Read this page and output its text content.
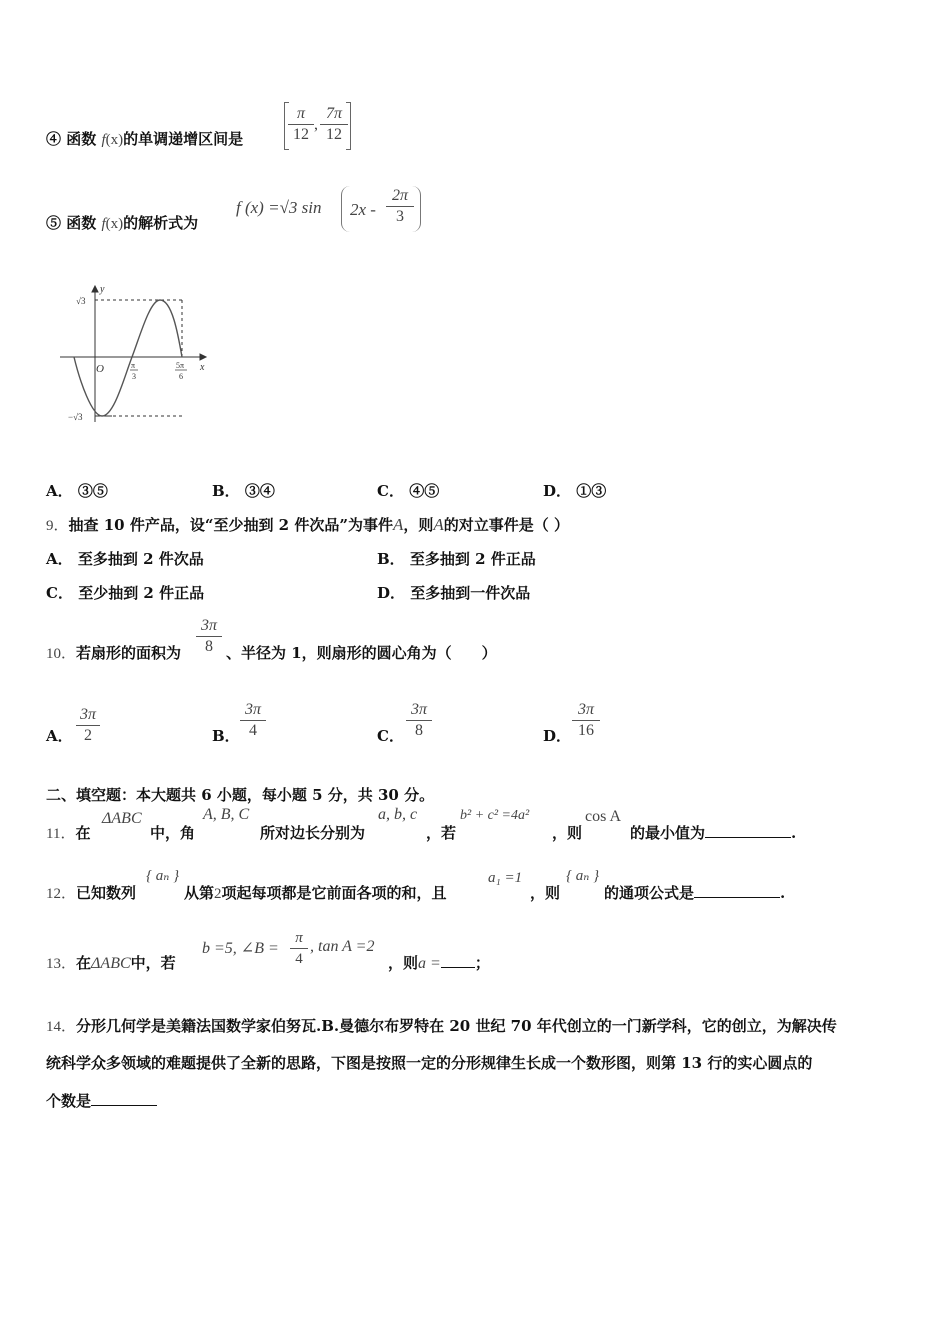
④ 函数 f(x)的单调递增区间是	$\frac{\pi}{12}$ , $\frac{7\pi}{12}$
⑤ 函数 f(x)的解析式为
f (x) =√3 $\sin 2x - \frac{2\pi}{3}$
y
x
O
√3
−√3
π
3
5π
6
A． ③⑤	B． ③④	C． ④⑤	D． ①③
9．抽查 10 件产品，设“至少抽到 2 件次品”为事件A，则A的对立事件是（ ）
A． 至多抽到 2 件次品	B． 至多抽到 2 件正品
C． 至少抽到 2 件正品	D． 至多抽到一件次品
10．若扇形的面积为 $\frac{3\pi}{8}$ 、半径为 1，则扇形的圆心角为（　　）
A． $\frac{3\pi}{2}$	B． $\frac{3\pi}{4}$	C． $\frac{3\pi}{8}$	D． $\frac{3\pi}{16}$
二、填空题：本大题共 6 小题，每小题 5 分，共 30 分。
11．在
ΔABC
中，角
A, B, C
所对边长分别为
a, b, c
，若
b² + c² =4a²
，则
cos A
的最小值为	.
12．已知数列
{ aₙ }
从第2项起每项都是它前面各项的和，且
a₁ =1
，则
{ aₙ }
的通项公式是	.
13．在ΔABC中，若
b =5, ∠B = $\frac{\pi}{4}$ , tan A =2
，则a = ；
14．分形几何学是美籍法国数学家伯努瓦.B.曼德尔布罗特在 20 世纪 70 年代创立的一门新学科，它的创立，为解决传
统科学众多领域的难题提供了全新的思路，下图是按照一定的分形规律生长成一个数形图，则第 13 行的实心圆点的
个数是
